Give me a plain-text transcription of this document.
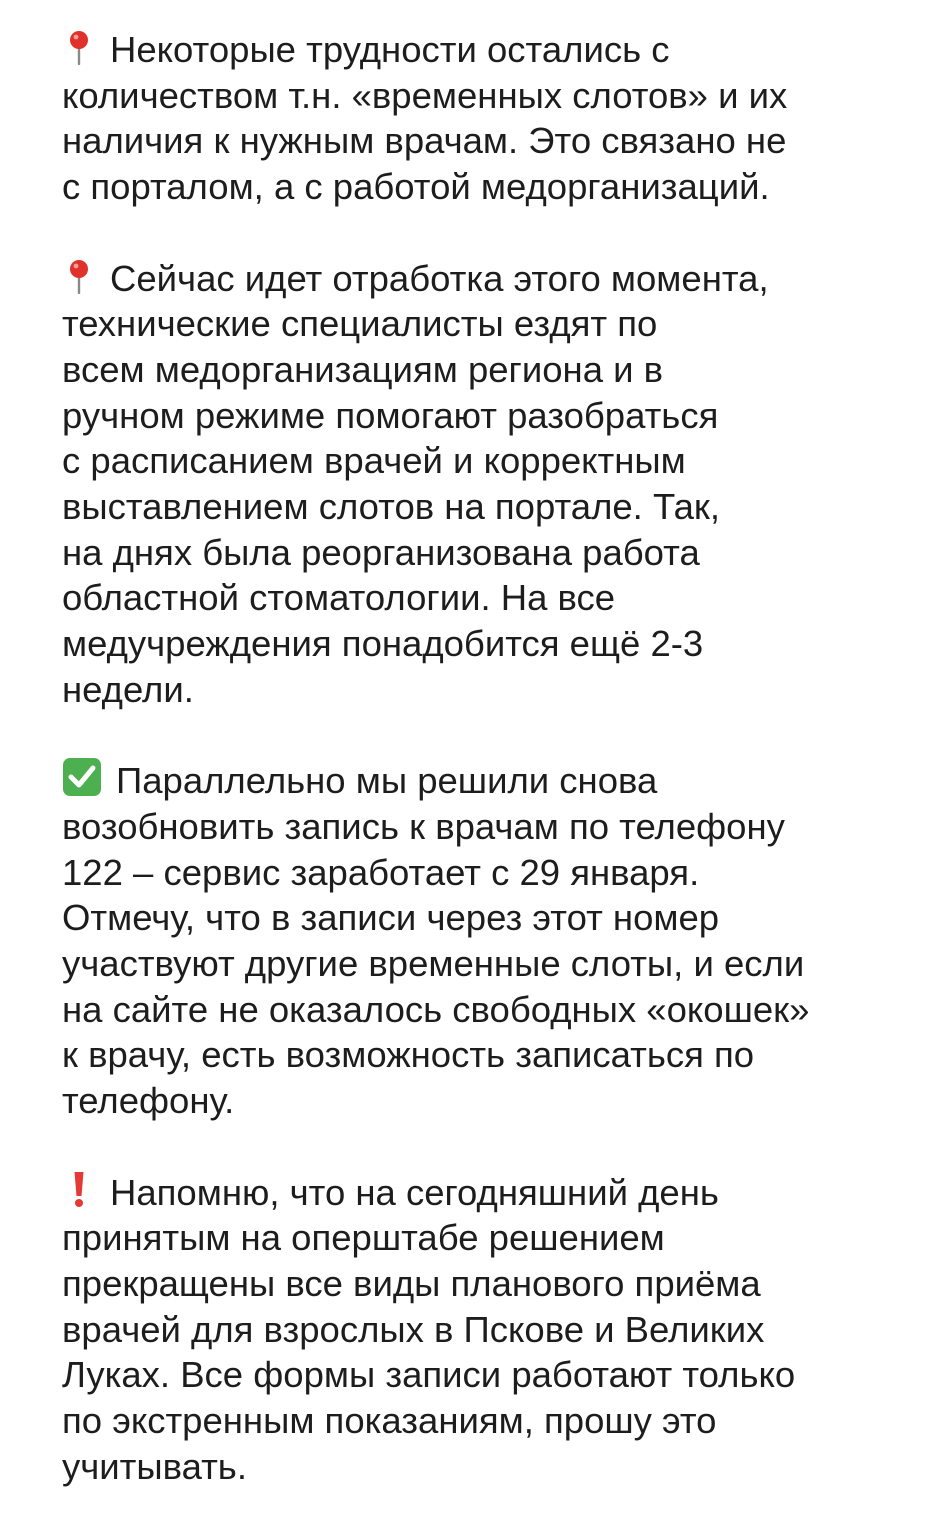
Некоторые трудности остались с
количеством т.н. «временных слотов» и их
наличия к нужным врачам. Это связано не
с порталом, а с работой медорганизаций.
Сейчас идет отработка этого момента,
технические специалисты ездят по
всем медорганизациям региона и в
ручном режиме помогают разобраться
с расписанием врачей и корректным
выставлением слотов на портале. Так,
на днях была реорганизована работа
областной стоматологии. На все
медучреждения понадобится ещё 2-3
недели.
Параллельно мы решили снова
возобновить запись к врачам по телефону
122 – сервис заработает с 29 января.
Отмечу, что в записи через этот номер
участвуют другие временные слоты, и если
на сайте не оказалось свободных «окошек»
к врачу, есть возможность записаться по
телефону.
Напомню, что на сегодняшний день
принятым на оперштабе решением
прекращены все виды планового приёма
врачей для взрослых в Пскове и Великих
Луках. Все формы записи работают только
по экстренным показаниям, прошу это
учитывать.
